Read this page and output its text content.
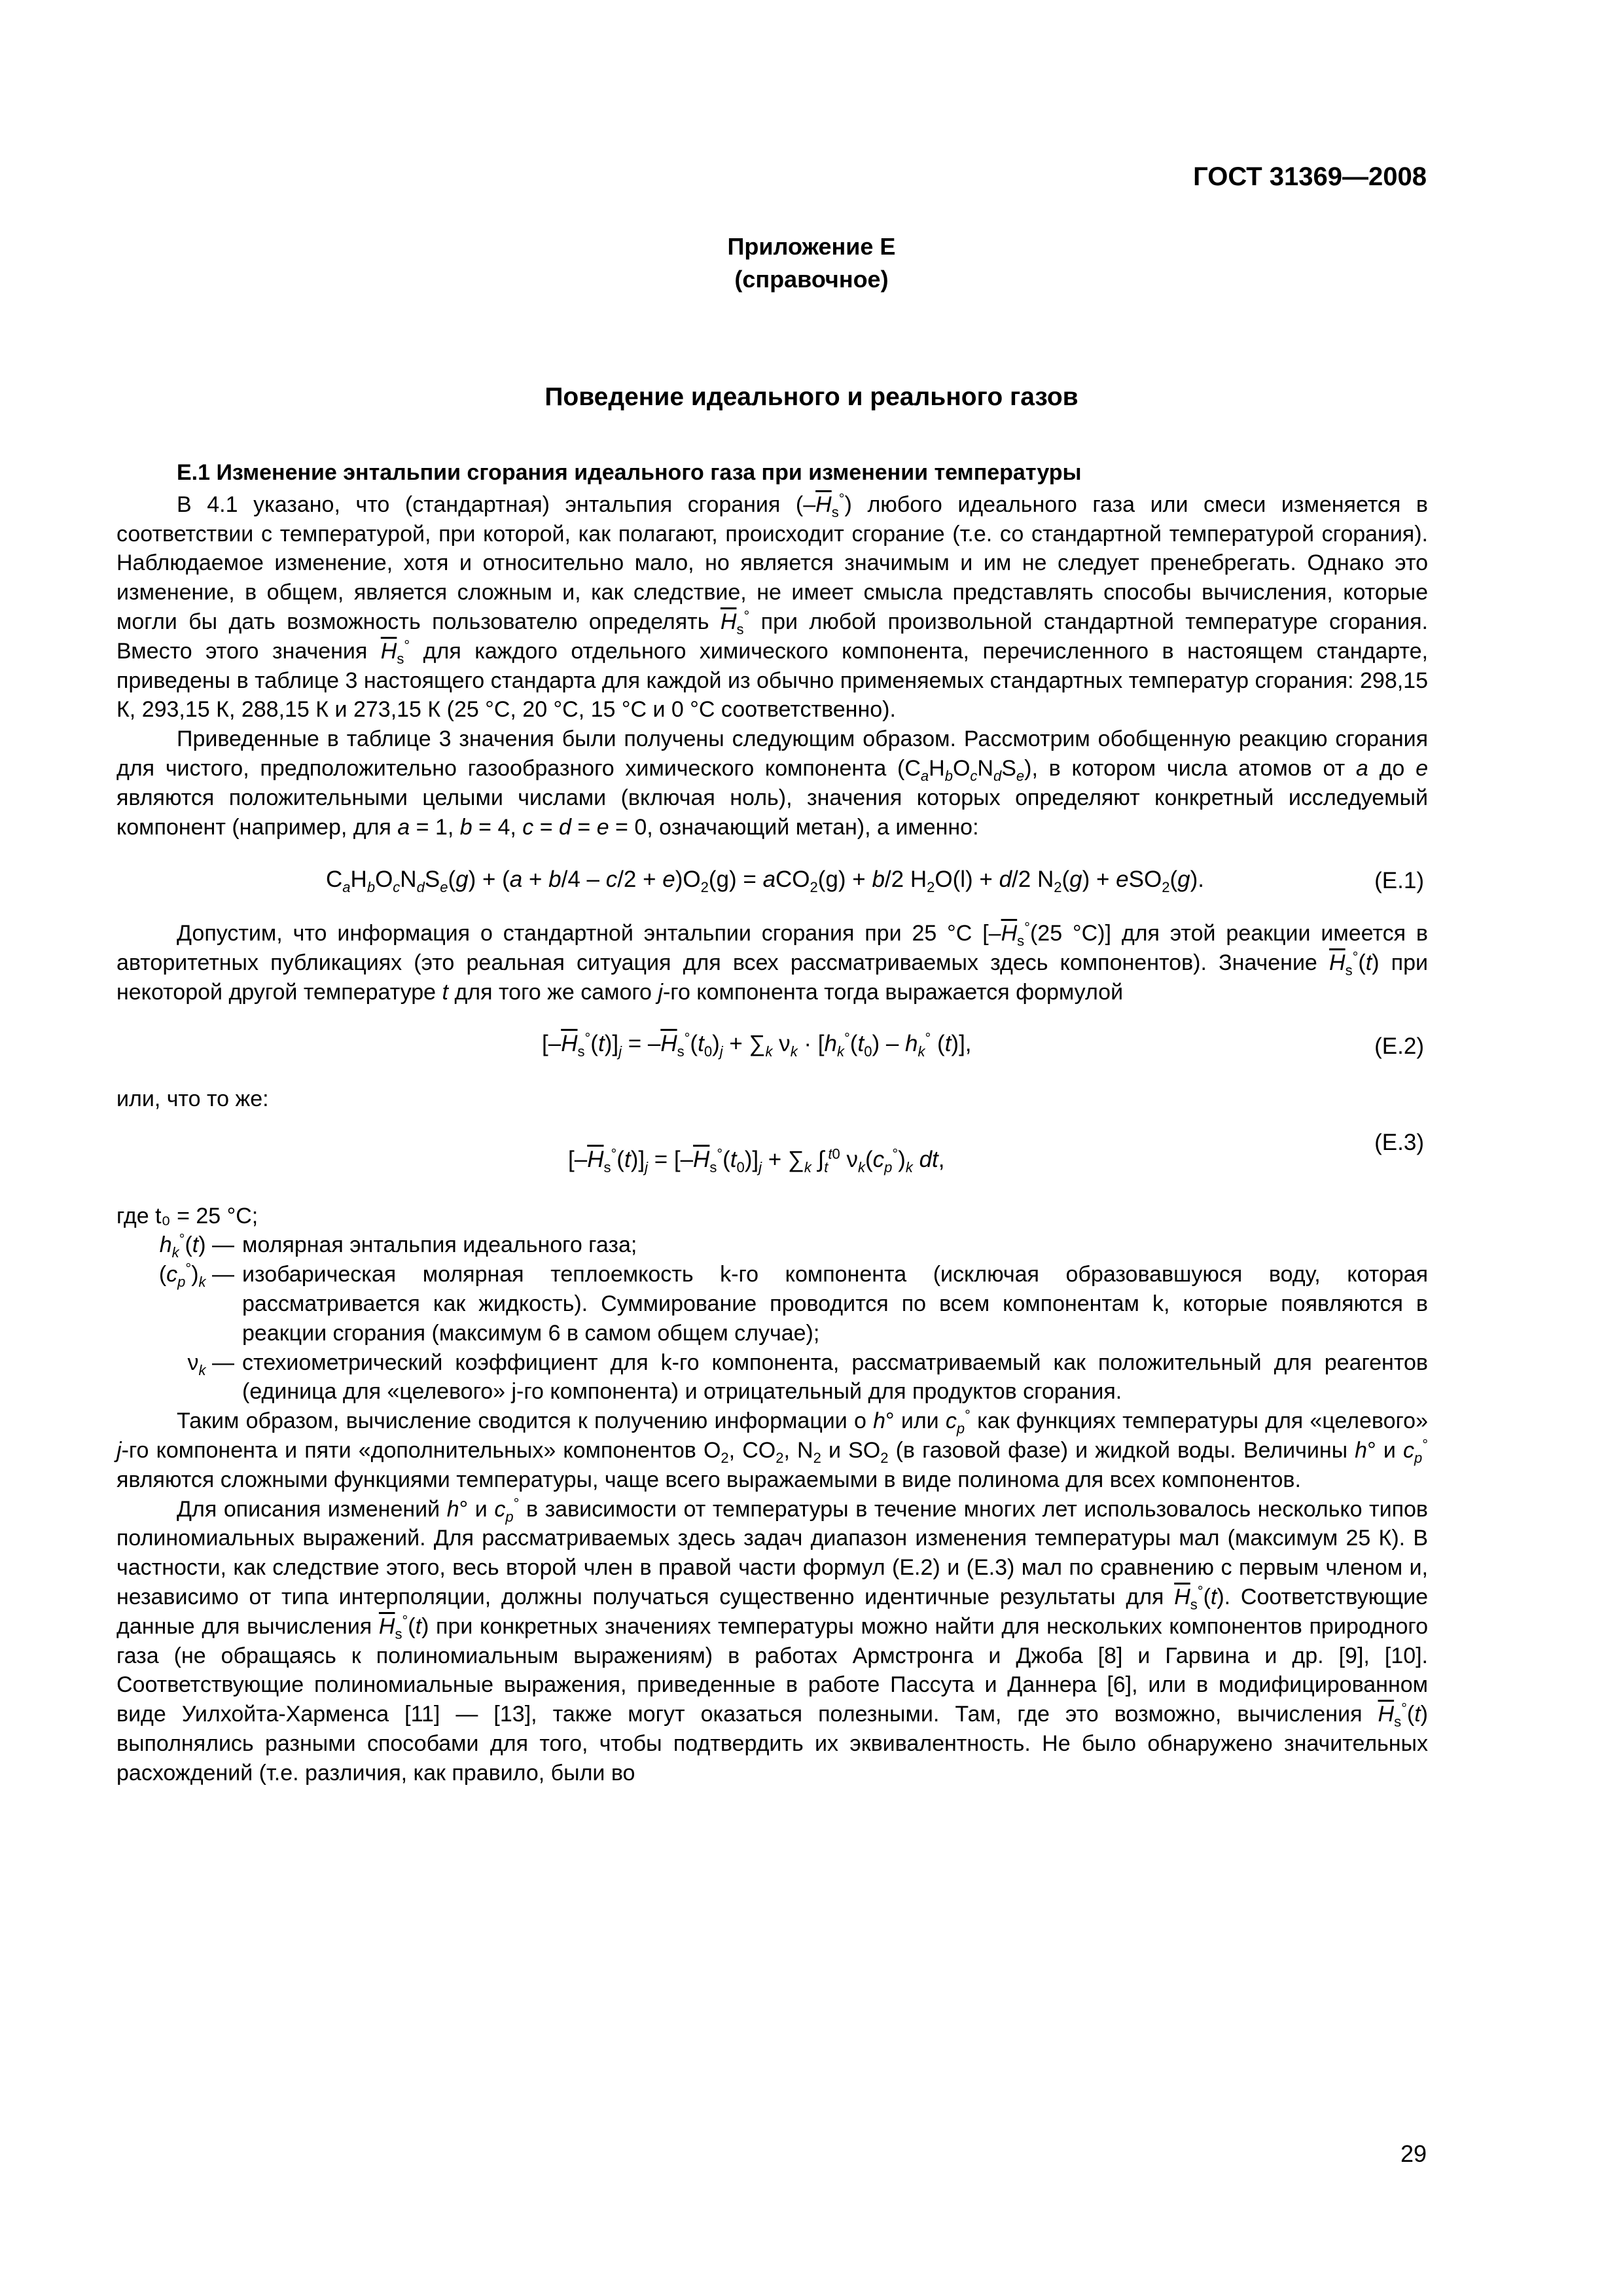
ГОСТ 31369—2008
Приложение Е
(справочное)
Поведение идеального и реального газов

Е.1 Изменение энтальпии сгорания идеального газа при изменении температуры

В 4.1 указано, что (стандартная) энтальпия сгорания $(-\overline{H}_s^\circ)$ любого идеального газа или смеси изменяется в соответствии с температурой, при которой, как полагают, происходит сгорание (т.е. со стандартной температурой сгорания). Наблюдаемое изменение, хотя и относительно мало, но является значимым и им не следует пренебрегать. Однако это изменение, в общем, является сложным и, как следствие, не имеет смысла представлять способы вычисления, которые могли бы дать возможность пользователю определять $\overline{H}_s^\circ$ при любой произвольной стандартной температуре сгорания. Вместо этого значения $\overline{H}_s^\circ$ для каждого отдельного химического компонента, перечисленного в настоящем стандарте, приведены в таблице 3 настоящего стандарта для каждой из обычно применяемых стандартных температур сгорания: 298,15 К, 293,15 К, 288,15 К и 273,15 К (25 °С, 20 °С, 15 °С и 0 °С соответственно).

Приведенные в таблице 3 значения были получены следующим образом. Рассмотрим обобщенную реакцию сгорания для чистого, предположительно газообразного химического компонента $(C_aH_bO_cN_dS_e)$, в котором числа атомов от a до e являются положительными целыми числами (включая ноль), значения которых определяют конкретный исследуемый компонент (например, для a = 1, b = 4, c = d = e = 0, означающий метан), а именно:

$C_aH_bO_cN_dS_e(g) + (a + b/4 - c/2 + e)O_2(g) = aCO_2(g) + b/2$ $H_2O(l) + d/2$ $N_2(g) + eSO_2(g)$.	(Е.1)

Допустим, что информация о стандартной энтальпии сгорания при 25 °С [$-\overline{H}_s^\circ(25$ °С)] для этой реакции имеется в авторитетных публикациях (это реальная ситуация для всех рассматриваемых здесь компонентов). Значение $\overline{H}_s^\circ(t)$ при некоторой другой температуре t для того же самого j-го компонента тогда выражается формулой

$[-\overline{H}_s^\circ(t)]_j = -\overline{H}_s^\circ(t_0)_j + \sum_k$ $\nu_k \cdot [h_k^\circ(t_0) - h_k^\circ$ (t)],	(Е.2)

или, что то же:

$[-\overline{H}_s^\circ(t)]_j = [-\overline{H}_s^\circ(t_0)]_j + \sum_k$ $\int_t^{t0}$ $\nu_k(c_p^\circ)_k$ dt,
(Е.3)

где t₀ = 25 °С;

$h_k^\circ(t)$ — молярная энтальпия идеального газа;
$(c_p^\circ)_k$ — изобарическая молярная теплоемкость k-го компонента (исключая образовавшуюся воду, которая рассматривается как жидкость). Суммирование проводится по всем компонентам k, которые появляются в реакции сгорания (максимум 6 в самом общем случае);
$\nu_k$ — стехиометрический коэффициент для k-го компонента, рассматриваемый как положительный для реагентов (единица для «целевого» j-го компонента) и отрицательный для продуктов сгорания.

Таким образом, вычисление сводится к получению информации о h° или $c_p^\circ$ как функциях температуры для «целевого» j-го компонента и пяти «дополнительных» компонентов $O_2$, $CO_2$, $N_2$ и $SO_2$ (в газовой фазе) и жидкой воды. Величины h° и $c_p^\circ$ являются сложными функциями температуры, чаще всего выражаемыми в виде полинома для всех компонентов.

Для описания изменений h° и $c_p^\circ$ в зависимости от температуры в течение многих лет использовалось несколько типов полиномиальных выражений. Для рассматриваемых здесь задач диапазон изменения температуры мал (максимум 25 К). В частности, как следствие этого, весь второй член в правой части формул (Е.2) и (Е.3) мал по сравнению с первым членом и, независимо от типа интерполяции, должны получаться существенно идентичные результаты для $\overline{H}_s^\circ(t)$. Соответствующие данные для вычисления $\overline{H}_s^\circ(t)$ при конкретных значениях температуры можно найти для нескольких компонентов природного газа (не обращаясь к полиномиальным выражениям) в работах Армстронга и Джоба [8] и Гарвина и др. [9], [10]. Соответствующие полиномиальные выражения, приведенные в работе Пассута и Даннера [6], или в модифицированном виде Уилхойта-Харменса [11] — [13], также могут оказаться полезными. Там, где это возможно, вычисления $\overline{H}_s^\circ(t)$ выполнялись разными способами для того, чтобы подтвердить их эквивалентность. Не было обнаружено значительных расхождений (т.е. различия, как правило, были во

29
